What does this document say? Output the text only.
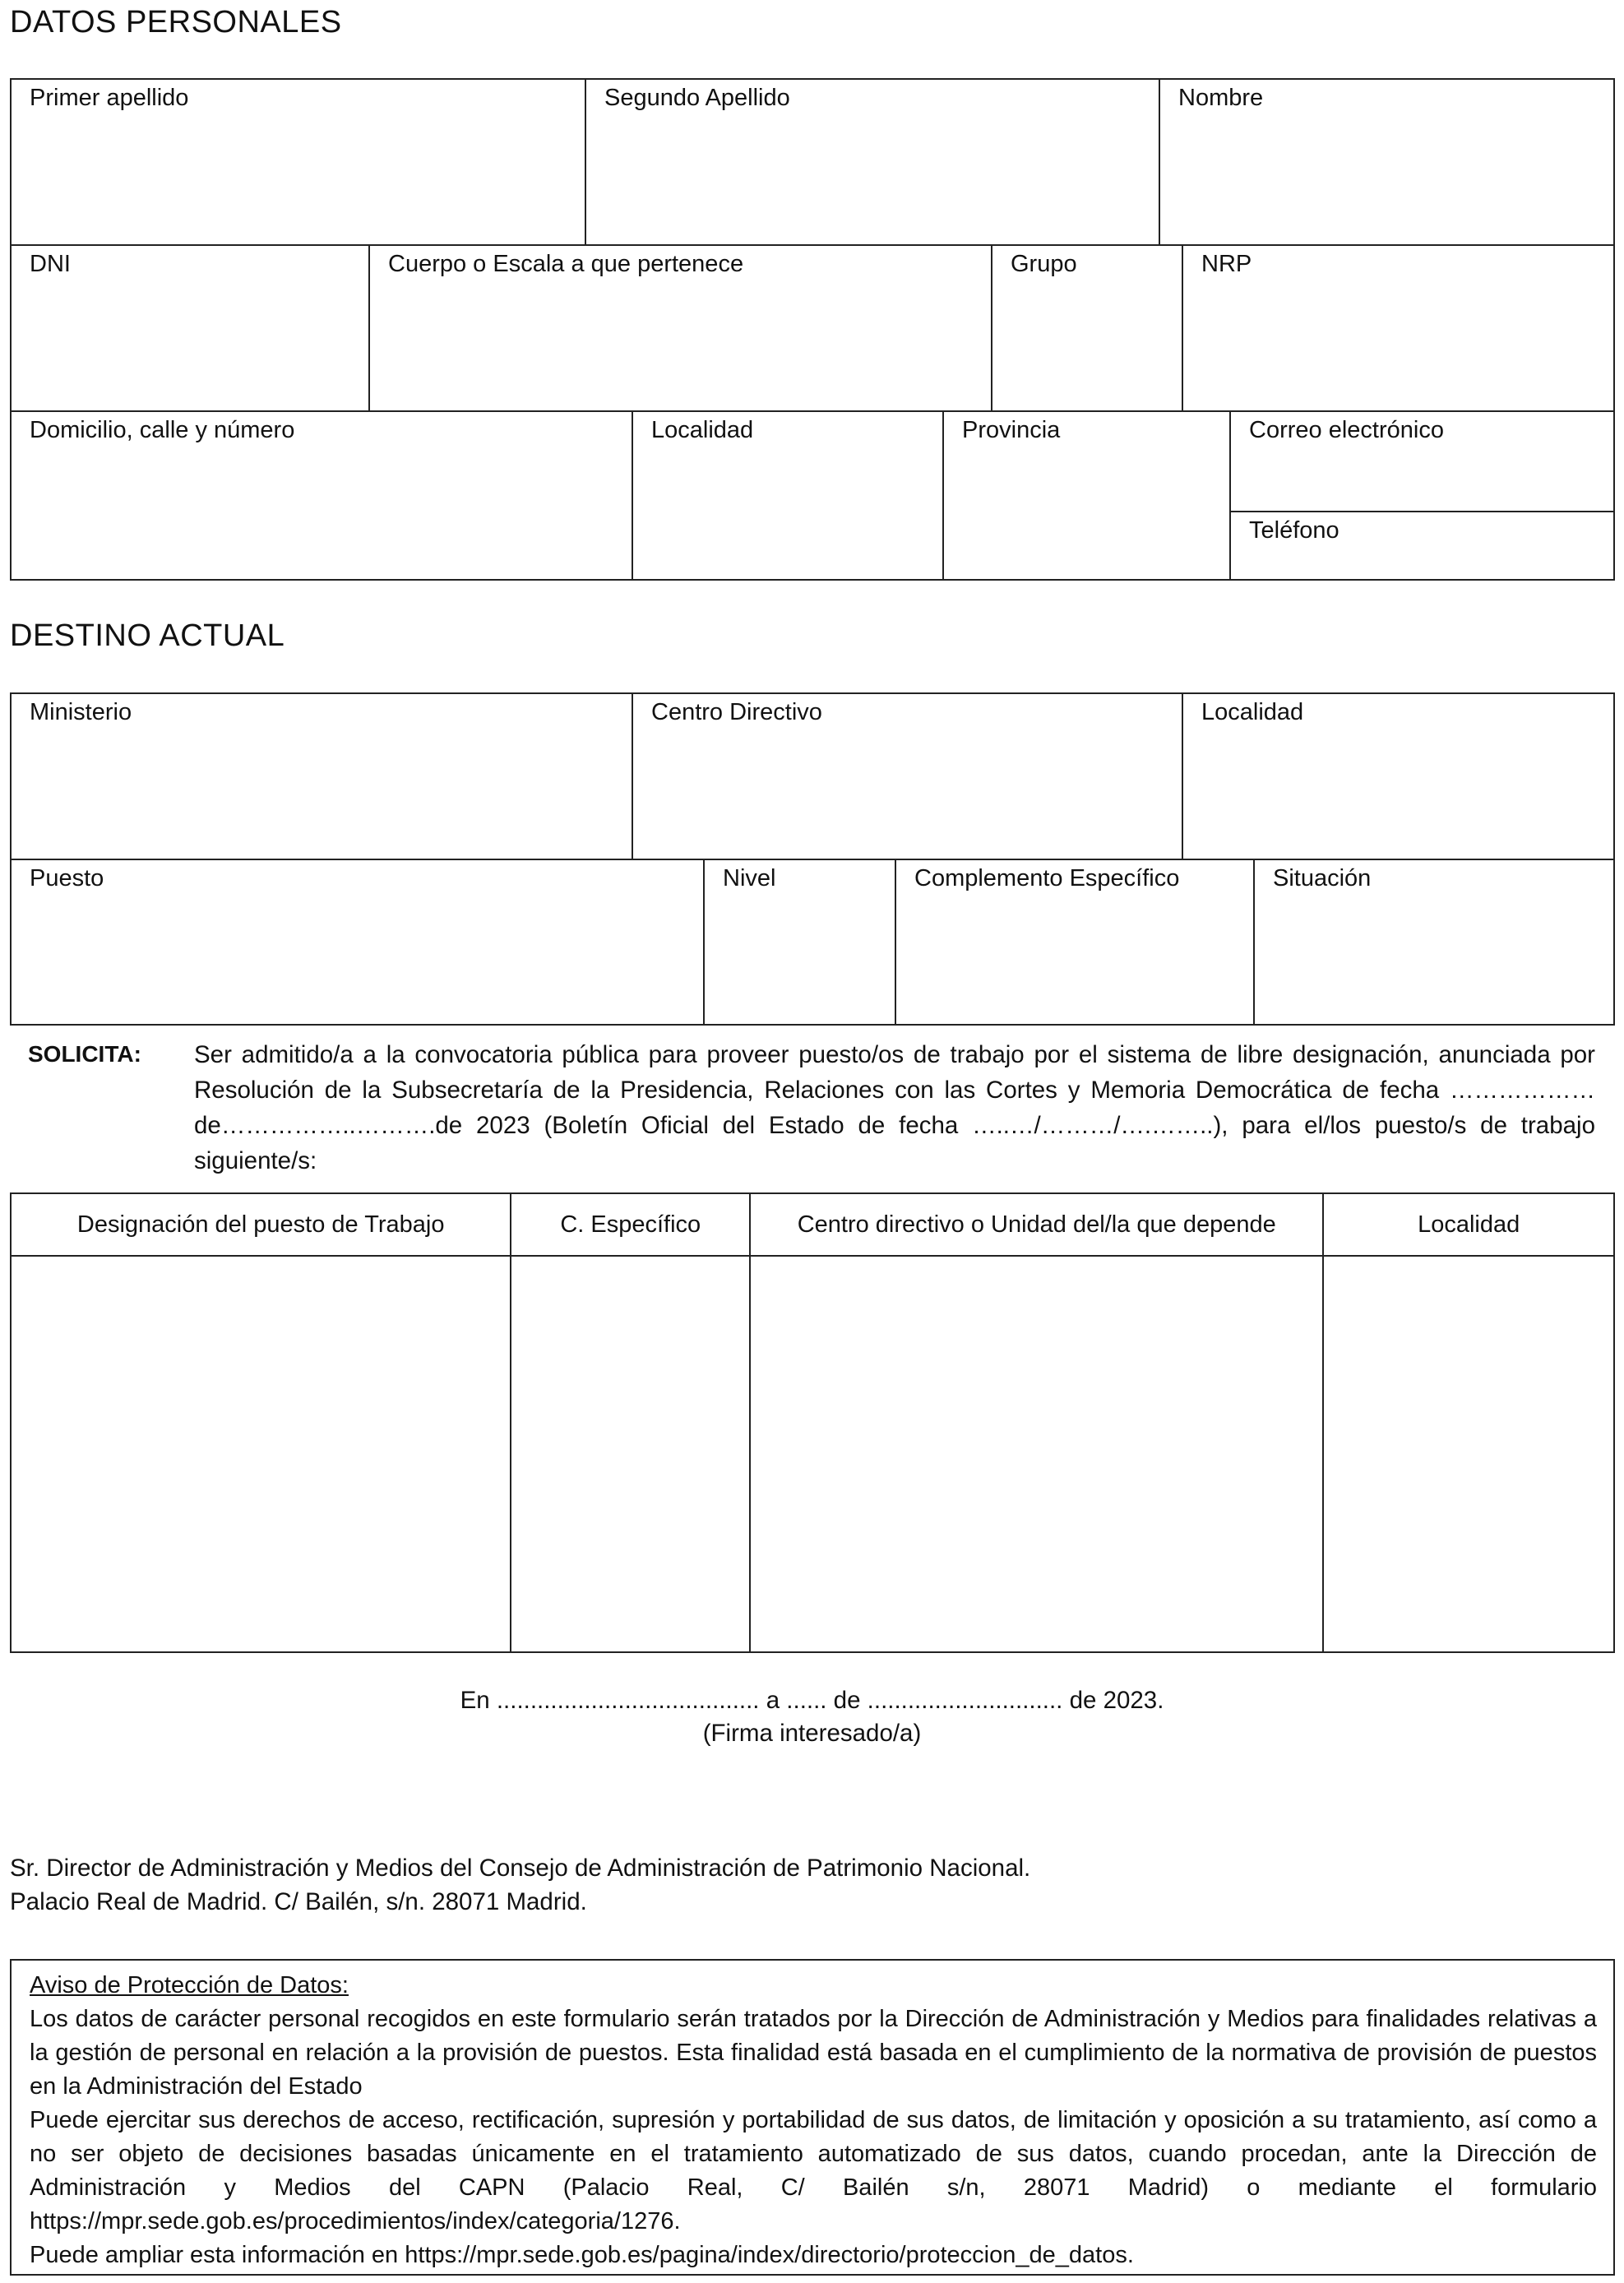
DATOS PERSONALES
Primer apellido	Segundo Apellido	Nombre
DNI	Cuerpo o Escala a que pertenece	Grupo	NRP
Domicilio, calle y número	Localidad	Provincia	Correo electrónico
Teléfono
DESTINO ACTUAL
Ministerio	Centro Directivo	Localidad
Puesto	Nivel	Complemento Específico	Situación
SOLICITA: Ser admitido/a a la convocatoria pública para proveer puesto/os de trabajo por el sistema de libre designación, anunciada por Resolución de la Subsecretaría de la Presidencia, Relaciones con las Cortes y Memoria Democrática de fecha ………………de……………..……….de 2023 (Boletín Oficial del Estado de fecha …..…/………/….……..), para el/los puesto/s de trabajo siguiente/s:
Designación del puesto de Trabajo	C. Específico	Centro directivo o Unidad del/la que depende	Localidad

En ....................................... a ...... de ............................. de 2023.
(Firma interesado/a)
Sr. Director de Administración y Medios del Consejo de Administración de Patrimonio Nacional.
Palacio Real de Madrid. C/ Bailén, s/n. 28071 Madrid.

Aviso de Protección de Datos:

Los datos de carácter personal recogidos en este formulario serán tratados por la Dirección de Administración y Medios para finalidades relativas a la gestión de personal en relación a la provisión de puestos. Esta finalidad está basada en el cumplimiento de la normativa de provisión de puestos en la Administración del Estado

Puede ejercitar sus derechos de acceso, rectificación, supresión y portabilidad de sus datos, de limitación y oposición a su tratamiento, así como a no ser objeto de decisiones basadas únicamente en el tratamiento automatizado de sus datos, cuando procedan, ante la Dirección de Administración y Medios del CAPN (Palacio Real, C/ Bailén s/n, 28071 Madrid) o mediante el formulario https://mpr.sede.gob.es/procedimientos/index/categoria/1276.

Puede ampliar esta información en https://mpr.sede.gob.es/pagina/index/directorio/proteccion_de_datos.
